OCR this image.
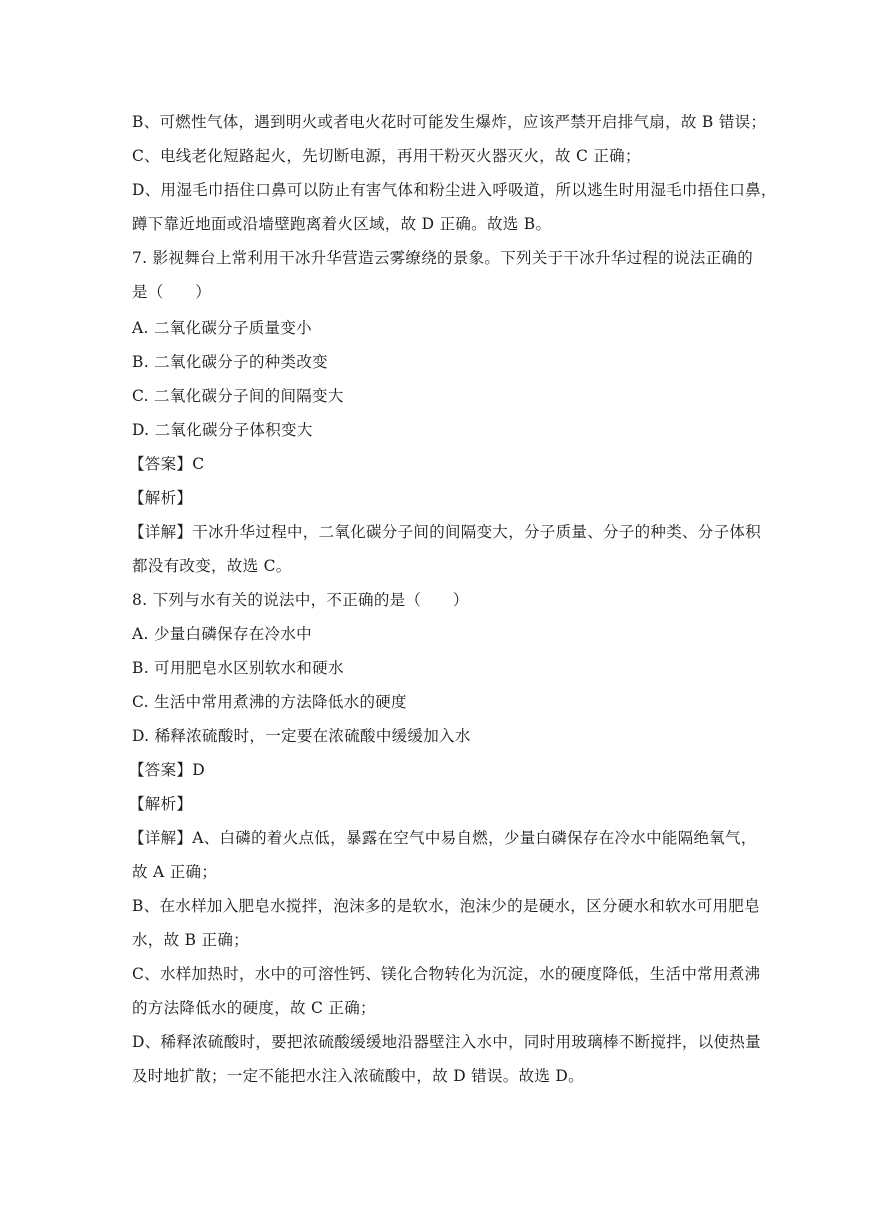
B、可燃性气体，遇到明火或者电火花时可能发生爆炸，应该严禁开启排气扇，故 B 错误；
C、电线老化短路起火，先切断电源，再用干粉灭火器灭火，故 C 正确；
D、用湿毛巾捂住口鼻可以防止有害气体和粉尘进入呼吸道，所以逃生时用湿毛巾捂住口鼻，
蹲下靠近地面或沿墙壁跑离着火区域，故 D 正确。故选 B。
7. 影视舞台上常利用干冰升华营造云雾缭绕的景象。下列关于干冰升华过程的说法正确的
是（　　）
A. 二氧化碳分子质量变小
B. 二氧化碳分子的种类改变
C. 二氧化碳分子间的间隔变大
D. 二氧化碳分子体积变大
【答案】C
【解析】
【详解】干冰升华过程中，二氧化碳分子间的间隔变大，分子质量、分子的种类、分子体积
都没有改变，故选 C。
8. 下列与水有关的说法中，不正确的是（　　）
A. 少量白磷保存在冷水中
B. 可用肥皂水区别软水和硬水
C. 生活中常用煮沸的方法降低水的硬度
D. 稀释浓硫酸时，一定要在浓硫酸中缓缓加入水
【答案】D
【解析】
【详解】A、白磷的着火点低，暴露在空气中易自燃，少量白磷保存在冷水中能隔绝氧气，
故 A 正确；
B、在水样加入肥皂水搅拌，泡沫多的是软水，泡沫少的是硬水，区分硬水和软水可用肥皂
水，故 B 正确；
C、水样加热时，水中的可溶性钙、镁化合物转化为沉淀，水的硬度降低，生活中常用煮沸
的方法降低水的硬度，故 C 正确；
D、稀释浓硫酸时，要把浓硫酸缓缓地沿器壁注入水中，同时用玻璃棒不断搅拌，以使热量
及时地扩散；一定不能把水注入浓硫酸中，故 D 错误。故选 D。
